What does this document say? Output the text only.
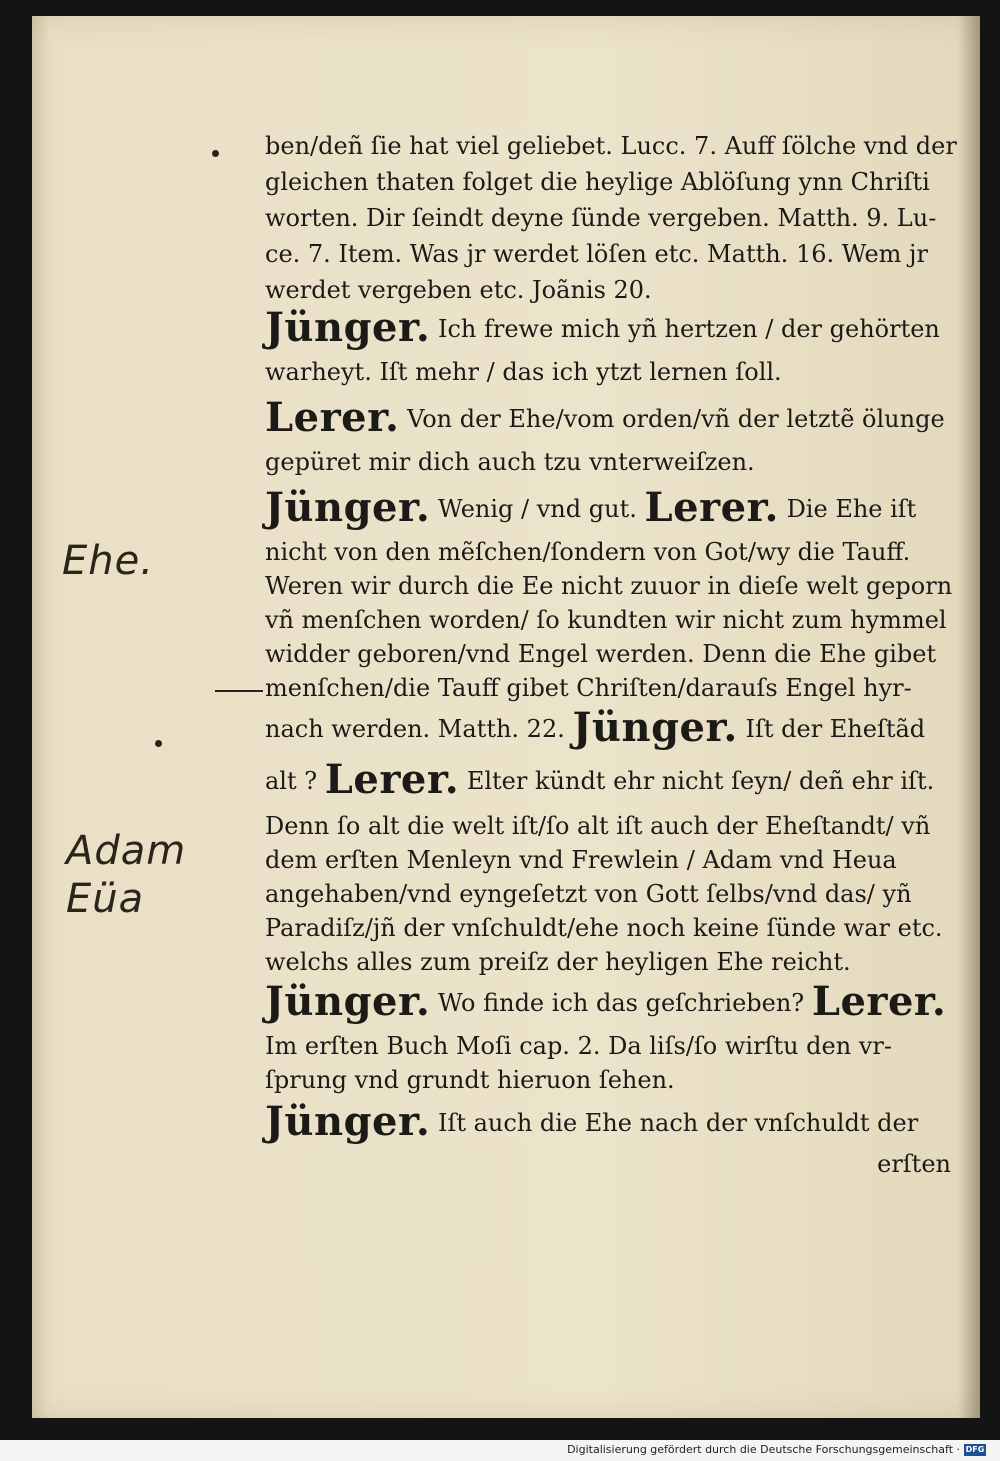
Ehe.
Adam
Eüa
ben/deñ ſie hat viel geliebet. Lucc. 7. Auff ſölche vnd der
gleichen thaten folget die heylige Ablöſung ynn Chriſti
worten. Dir ſeindt deyne ſünde vergeben. Matth. 9. Lu-
ce. 7. Item. Was jr werdet löſen etc. Matth. 16. Wem jr
werdet vergeben etc. Joãnis 20.
Jünger. Ich frewe mich yñ hertzen / der gehörten
warheyt. Iſt mehr / das ich ytzt lernen ſoll.
Lerer. Von der Ehe/vom orden/vñ der letztẽ ölunge
gepüret mir dich auch tzu vnterweiſzen.
Jünger. Wenig / vnd gut. Lerer. Die Ehe iſt
nicht von den mẽſchen/ſondern von Got/wy die Tauff.
Weren wir durch die Ee nicht zuuor in dieſe welt geporn
vñ menſchen worden/ ſo kundten wir nicht zum hymmel
widder geboren/vnd Engel werden. Denn die Ehe gibet
menſchen/die Tauff gibet Chriſten/darauſs Engel hyr-
nach werden. Matth. 22. Jünger. Iſt der Eheſtãd
alt ? Lerer. Elter kündt ehr nicht ſeyn/ deñ ehr iſt.
Denn ſo alt die welt iſt/ſo alt iſt auch der Eheſtandt/ vñ
dem erſten Menleyn vnd Frewlein / Adam vnd Heua
angehaben/vnd eyngeſetzt von Gott ſelbs/vnd das/ yñ
Paradiſz/jñ der vnſchuldt/ehe noch keine ſünde war etc.
welchs alles zum preiſz der heyligen Ehe reicht.
Jünger. Wo finde ich das geſchrieben? Lerer.
Im erſten Buch Moſi cap. 2. Da liſs/ſo wirſtu den vr-
ſprung vnd grundt hieruon ſehen.
Jünger. Iſt auch die Ehe nach der vnſchuldt der
erſten
Digitalisierung gefördert durch die Deutsche Forschungsgemeinschaft · DFG
